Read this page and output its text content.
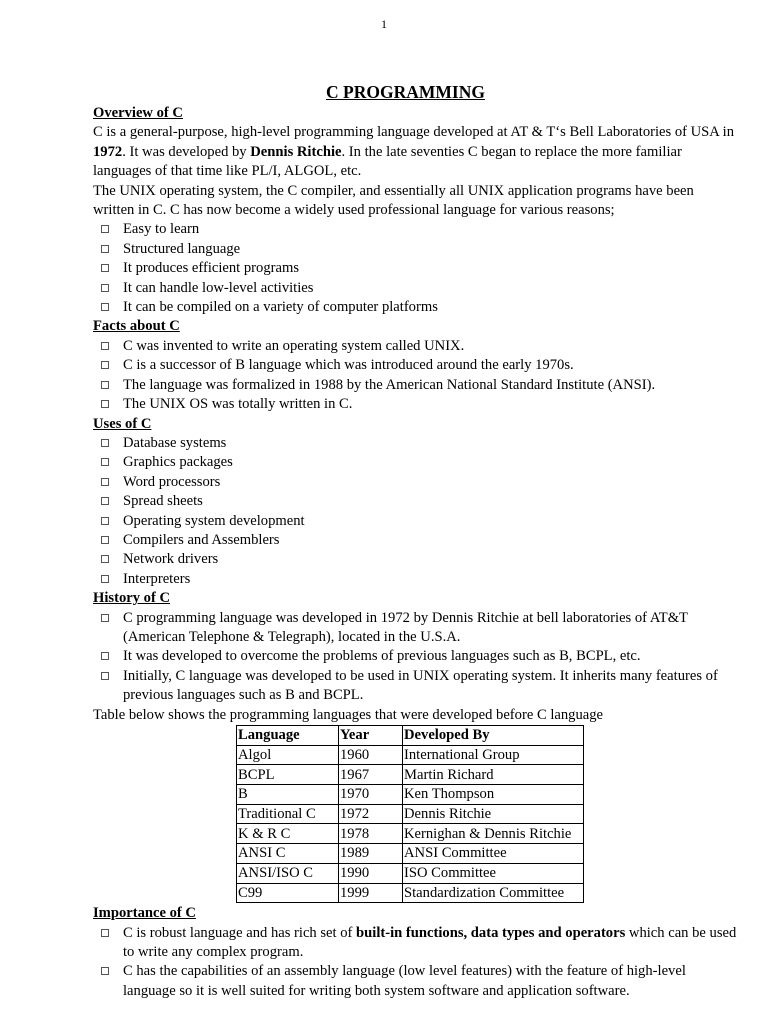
1
C PROGRAMMING
Overview of C

C is a general-purpose, high-level programming language developed at AT & T‘s Bell Laboratories of USA in 1972. It was developed by Dennis Ritchie. In the late seventies C began to replace the more familiar languages of that time like PL/I, ALGOL, etc.

The UNIX operating system, the C compiler, and essentially all UNIX application programs have been written in C. C has now become a widely used professional language for various reasons;

Easy to learn
Structured language
It produces efficient programs
It can handle low-level activities
It can be compiled on a variety of computer platforms
Facts about C
C was invented to write an operating system called UNIX.
C is a successor of B language which was introduced around the early 1970s.
The language was formalized in 1988 by the American National Standard Institute (ANSI).
The UNIX OS was totally written in C.
Uses of C
Database systems
Graphics packages
Word processors
Spread sheets
Operating system development
Compilers and Assemblers
Network drivers
Interpreters
History of C
C programming language was developed in 1972 by Dennis Ritchie at bell laboratories of AT&T (American Telephone & Telegraph), located in the U.S.A.
It was developed to overcome the problems of previous languages such as B, BCPL, etc.
Initially, C language was developed to be used in UNIX operating system. It inherits many features of previous languages such as B and BCPL.

Table below shows the programming languages that were developed before C language

Language	Year	Developed By
Algol	1960	International Group
BCPL	1967	Martin Richard
B	1970	Ken Thompson
Traditional C	1972	Dennis Ritchie
K & R C	1978	Kernighan & Dennis Ritchie
ANSI C	1989	ANSI Committee
ANSI/ISO C	1990	ISO Committee
C99	1999	Standardization Committee
Importance of C
C is robust language and has rich set of built-in functions, data types and operators which can be used to write any complex program.
C has the capabilities of an assembly language (low level features) with the feature of high-level language so it is well suited for writing both system software and application software.
